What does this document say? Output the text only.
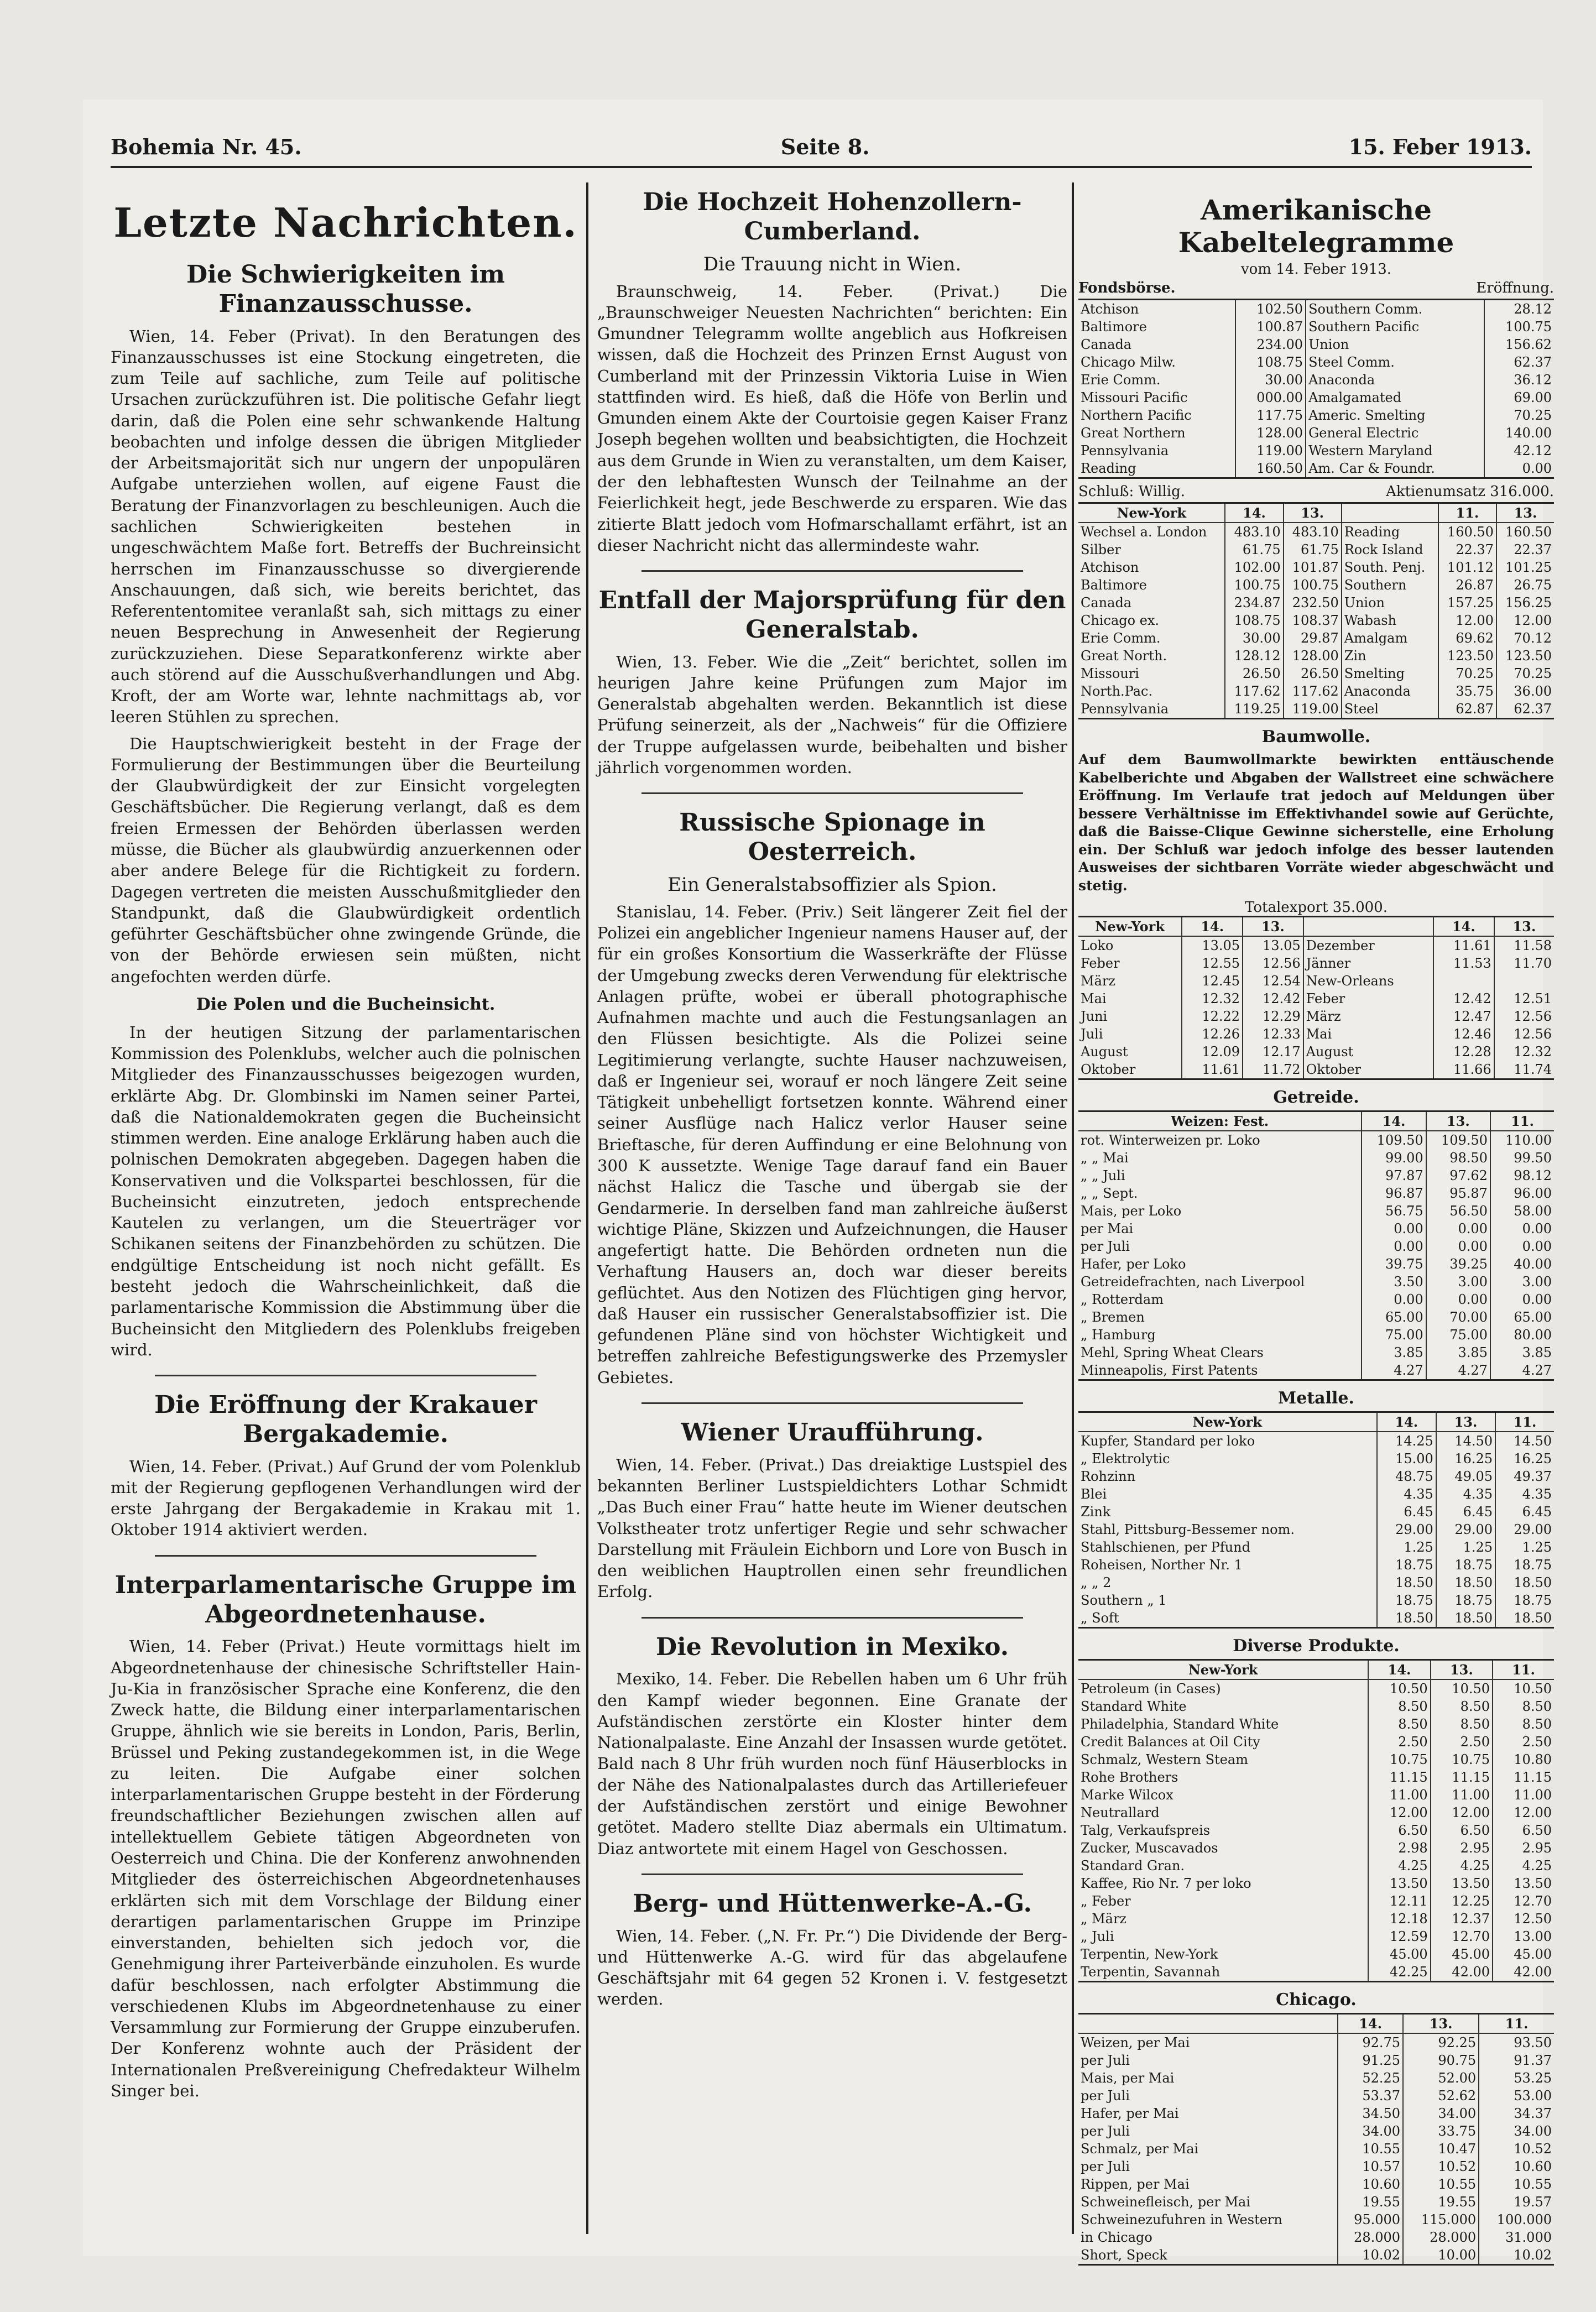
Bohemia Nr. 45.	Seite 8.	15. Feber 1913.
Letzte Nachrichten.
Die Schwierigkeiten im Finanzausschusse.

Wien, 14. Feber (Privat). In den Beratungen des Finanzausschusses ist eine Stockung eingetreten, die zum Teile auf sachliche, zum Teile auf politische Ursachen zurückzuführen ist. Die politische Gefahr liegt darin, daß die Polen eine sehr schwankende Haltung beobachten und infolge dessen die übrigen Mitglieder der Arbeitsmajorität sich nur ungern der unpopulären Aufgabe unterziehen wollen, auf eigene Faust die Beratung der Finanzvorlagen zu beschleunigen. Auch die sachlichen Schwierigkeiten bestehen in ungeschwächtem Maße fort. Betreffs der Buchreinsicht herrschen im Finanzausschusse so divergierende Anschauungen, daß sich, wie bereits berichtet, das Referententomitee veranlaßt sah, sich mittags zu einer neuen Besprechung in Anwesenheit der Regierung zurückzuziehen. Diese Separatkonferenz wirkte aber auch störend auf die Ausschußverhandlungen und Abg. Kroft, der am Worte war, lehnte nachmittags ab, vor leeren Stühlen zu sprechen.

Die Hauptschwierigkeit besteht in der Frage der Formulierung der Bestimmungen über die Beurteilung der Glaubwürdigkeit der zur Einsicht vorgelegten Geschäftsbücher. Die Regierung verlangt, daß es dem freien Ermessen der Behörden überlassen werden müsse, die Bücher als glaubwürdig anzuerkennen oder aber andere Belege für die Richtigkeit zu fordern. Dagegen vertreten die meisten Ausschußmitglieder den Standpunkt, daß die Glaubwürdigkeit ordentlich geführter Geschäftsbücher ohne zwingende Gründe, die von der Behörde erwiesen sein müßten, nicht angefochten werden dürfe.

Die Polen und die Bucheinsicht.

In der heutigen Sitzung der parlamentarischen Kommission des Polenklubs, welcher auch die polnischen Mitglieder des Finanzausschusses beigezogen wurden, erklärte Abg. Dr. Glombinski im Namen seiner Partei, daß die Nationaldemokraten gegen die Bucheinsicht stimmen werden. Eine analoge Erklärung haben auch die polnischen Demokraten abgegeben. Dagegen haben die Konservativen und die Volkspartei beschlossen, für die Bucheinsicht einzutreten, jedoch entsprechende Kautelen zu verlangen, um die Steuerträger vor Schikanen seitens der Finanzbehörden zu schützen. Die endgültige Entscheidung ist noch nicht gefällt. Es besteht jedoch die Wahrscheinlichkeit, daß die parlamentarische Kommission die Abstimmung über die Bucheinsicht den Mitgliedern des Polenklubs freigeben wird.

Die Eröffnung der Krakauer Bergakademie.

Wien, 14. Feber. (Privat.) Auf Grund der vom Polenklub mit der Regierung gepflogenen Verhandlungen wird der erste Jahrgang der Bergakademie in Krakau mit 1. Oktober 1914 aktiviert werden.

Interparlamentarische Gruppe im Abgeordnetenhause.

Wien, 14. Feber (Privat.) Heute vormittags hielt im Abgeordnetenhause der chinesische Schriftsteller Hain-Ju-Kia in französischer Sprache eine Konferenz, die den Zweck hatte, die Bildung einer interparlamentarischen Gruppe, ähnlich wie sie bereits in London, Paris, Berlin, Brüssel und Peking zustandegekommen ist, in die Wege zu leiten. Die Aufgabe einer solchen interparlamentarischen Gruppe besteht in der Förderung freundschaftlicher Beziehungen zwischen allen auf intellektuellem Gebiete tätigen Abgeordneten von Oesterreich und China. Die der Konferenz anwohnenden Mitglieder des österreichischen Abgeordnetenhauses erklärten sich mit dem Vorschlage der Bildung einer derartigen parlamentarischen Gruppe im Prinzipe einverstanden, behielten sich jedoch vor, die Genehmigung ihrer Parteiverbände einzuholen. Es wurde dafür beschlossen, nach erfolgter Abstimmung die verschiedenen Klubs im Abgeordnetenhause zu einer Versammlung zur Formierung der Gruppe einzuberufen. Der Konferenz wohnte auch der Präsident der Internationalen Preßvereinigung Chefredakteur Wilhelm Singer bei.

Die Hochzeit Hohenzollern-Cumberland.
Die Trauung nicht in Wien.

Braunschweig, 14. Feber. (Privat.) Die „Braunschweiger Neuesten Nachrichten“ berichten: Ein Gmundner Telegramm wollte angeblich aus Hofkreisen wissen, daß die Hochzeit des Prinzen Ernst August von Cumberland mit der Prinzessin Viktoria Luise in Wien stattfinden wird. Es hieß, daß die Höfe von Berlin und Gmunden einem Akte der Courtoisie gegen Kaiser Franz Joseph begehen wollten und beabsichtigten, die Hochzeit aus dem Grunde in Wien zu veranstalten, um dem Kaiser, der den lebhaftesten Wunsch der Teilnahme an der Feierlichkeit hegt, jede Beschwerde zu ersparen. Wie das zitierte Blatt jedoch vom Hofmarschallamt erfährt, ist an dieser Nachricht nicht das allermindeste wahr.

Entfall der Majorsprüfung für den Generalstab.

Wien, 13. Feber. Wie die „Zeit“ berichtet, sollen im heurigen Jahre keine Prüfungen zum Major im Generalstab abgehalten werden. Bekanntlich ist diese Prüfung seinerzeit, als der „Nachweis“ für die Offiziere der Truppe aufgelassen wurde, beibehalten und bisher jährlich vorgenommen worden.

Russische Spionage in Oesterreich.
Ein Generalstabsoffizier als Spion.

Stanislau, 14. Feber. (Priv.) Seit längerer Zeit fiel der Polizei ein angeblicher Ingenieur namens Hauser auf, der für ein großes Konsortium die Wasserkräfte der Flüsse der Umgebung zwecks deren Verwendung für elektrische Anlagen prüfte, wobei er überall photographische Aufnahmen machte und auch die Festungsanlagen an den Flüssen besichtigte. Als die Polizei seine Legitimierung verlangte, suchte Hauser nachzuweisen, daß er Ingenieur sei, worauf er noch längere Zeit seine Tätigkeit unbehelligt fortsetzen konnte. Während einer seiner Ausflüge nach Halicz verlor Hauser seine Brieftasche, für deren Auffindung er eine Belohnung von 300 K aussetzte. Wenige Tage darauf fand ein Bauer nächst Halicz die Tasche und übergab sie der Gendarmerie. In derselben fand man zahlreiche äußerst wichtige Pläne, Skizzen und Aufzeichnungen, die Hauser angefertigt hatte. Die Behörden ordneten nun die Verhaftung Hausers an, doch war dieser bereits geflüchtet. Aus den Notizen des Flüchtigen ging hervor, daß Hauser ein russischer Generalstabsoffizier ist. Die gefundenen Pläne sind von höchster Wichtigkeit und betreffen zahlreiche Befestigungswerke des Przemysler Gebietes.

Wiener Uraufführung.

Wien, 14. Feber. (Privat.) Das dreiaktige Lustspiel des bekannten Berliner Lustspieldichters Lothar Schmidt „Das Buch einer Frau“ hatte heute im Wiener deutschen Volkstheater trotz unfertiger Regie und sehr schwacher Darstellung mit Fräulein Eichborn und Lore von Busch in den weiblichen Hauptrollen einen sehr freundlichen Erfolg.

Die Revolution in Mexiko.

Mexiko, 14. Feber. Die Rebellen haben um 6 Uhr früh den Kampf wieder begonnen. Eine Granate der Aufständischen zerstörte ein Kloster hinter dem Nationalpalaste. Eine Anzahl der Insassen wurde getötet. Bald nach 8 Uhr früh wurden noch fünf Häuserblocks in der Nähe des Nationalpalastes durch das Artilleriefeuer der Aufständischen zerstört und einige Bewohner getötet. Madero stellte Diaz abermals ein Ultimatum. Diaz antwortete mit einem Hagel von Geschossen.

Berg- und Hüttenwerke-A.-G.

Wien, 14. Feber. („N. Fr. Pr.“) Die Dividende der Berg- und Hüttenwerke A.-G. wird für das abgelaufene Geschäftsjahr mit 64 gegen 52 Kronen i. V. festgesetzt werden.

Amerikanische Kabeltelegramme
vom 14. Feber 1913.
Fondsbörse.	Eröffnung.
Atchison	102.50	Southern Comm.	28.12
Baltimore	100.87	Southern Pacific	100.75
Canada	234.00	Union	156.62
Chicago Milw.	108.75	Steel Comm.	62.37
Erie Comm.	30.00	Anaconda	36.12
Missouri Pacific	000.00	Amalgamated	69.00
Northern Pacific	117.75	Americ. Smelting	70.25
Great Northern	128.00	General Electric	140.00
Pennsylvania	119.00	Western Maryland	42.12
Reading	160.50	Am. Car & Foundr.	0.00
Schluß: Willig.	Aktienumsatz 316.000.
New-York	14.	13.		11.	13.
Wechsel a. London	483.10	483.10	Reading	160.50	160.50
Silber	61.75	61.75	Rock Island	22.37	22.37
Atchison	102.00	101.87	South. Penj.	101.12	101.25
Baltimore	100.75	100.75	Southern	26.87	26.75
Canada	234.87	232.50	Union	157.25	156.25
Chicago ex.	108.75	108.37	Wabash	12.00	12.00
Erie Comm.	30.00	29.87	Amalgam	69.62	70.12
Great North.	128.12	128.00	Zin	123.50	123.50
Missouri	26.50	26.50	Smelting	70.25	70.25
North.Pac.	117.62	117.62	Anaconda	35.75	36.00
Pennsylvania	119.25	119.00	Steel	62.87	62.37
Baumwolle.
Auf dem Baumwollmarkte bewirkten enttäuschende Kabelberichte und Abgaben der Wallstreet eine schwächere Eröffnung. Im Verlaufe trat jedoch auf Meldungen über bessere Verhältnisse im Effektivhandel sowie auf Gerüchte, daß die Baisse-Clique Gewinne sicherstelle, eine Erholung ein. Der Schluß war jedoch infolge des besser lautenden Ausweises der sichtbaren Vorräte wieder abgeschwächt und stetig.
Totalexport 35.000.
New-York	14.	13.		14.	13.
Loko	13.05	13.05	Dezember	11.61	11.58
Feber	12.55	12.56	Jänner	11.53	11.70
März	12.45	12.54	New-Orleans		
Mai	12.32	12.42	Feber	12.42	12.51
Juni	12.22	12.29	März	12.47	12.56
Juli	12.26	12.33	Mai	12.46	12.56
August	12.09	12.17	August	12.28	12.32
Oktober	11.61	11.72	Oktober	11.66	11.74
Getreide.
Weizen: Fest.	14.	13.	11.
rot. Winterweizen pr. Loko	109.50	109.50	110.00
„ „ Mai	99.00	98.50	99.50
„ „ Juli	97.87	97.62	98.12
„ „ Sept.	96.87	95.87	96.00
Mais, per Loko	56.75	56.50	58.00
per Mai	0.00	0.00	0.00
per Juli	0.00	0.00	0.00
Hafer, per Loko	39.75	39.25	40.00
Getreidefrachten, nach Liverpool	3.50	3.00	3.00
„ Rotterdam	0.00	0.00	0.00
„ Bremen	65.00	70.00	65.00
„ Hamburg	75.00	75.00	80.00
Mehl, Spring Wheat Clears	3.85	3.85	3.85
Minneapolis, First Patents	4.27	4.27	4.27
Metalle.
New-York	14.	13.	11.
Kupfer, Standard per loko	14.25	14.50	14.50
„ Elektrolytic	15.00	16.25	16.25
Rohzinn	48.75	49.05	49.37
Blei	4.35	4.35	4.35
Zink	6.45	6.45	6.45
Stahl, Pittsburg-Bessemer nom.	29.00	29.00	29.00
Stahlschienen, per Pfund	1.25	1.25	1.25
Roheisen, Norther Nr. 1	18.75	18.75	18.75
„ „ 2	18.50	18.50	18.50
Southern „ 1	18.75	18.75	18.75
„ Soft	18.50	18.50	18.50
Diverse Produkte.
New-York	14.	13.	11.
Petroleum (in Cases)	10.50	10.50	10.50
Standard White	8.50	8.50	8.50
Philadelphia, Standard White	8.50	8.50	8.50
Credit Balances at Oil City	2.50	2.50	2.50
Schmalz, Western Steam	10.75	10.75	10.80
Rohe Brothers	11.15	11.15	11.15
Marke Wilcox	11.00	11.00	11.00
Neutrallard	12.00	12.00	12.00
Talg, Verkaufspreis	6.50	6.50	6.50
Zucker, Muscavados	2.98	2.95	2.95
Standard Gran.	4.25	4.25	4.25
Kaffee, Rio Nr. 7 per loko	13.50	13.50	13.50
„ Feber	12.11	12.25	12.70
„ März	12.18	12.37	12.50
„ Juli	12.59	12.70	13.00
Terpentin, New-York	45.00	45.00	45.00
Terpentin, Savannah	42.25	42.00	42.00
Chicago.
	14.	13.	11.
Weizen, per Mai	92.75	92.25	93.50
per Juli	91.25	90.75	91.37
Mais, per Mai	52.25	52.00	53.25
per Juli	53.37	52.62	53.00
Hafer, per Mai	34.50	34.00	34.37
per Juli	34.00	33.75	34.00
Schmalz, per Mai	10.55	10.47	10.52
per Juli	10.57	10.52	10.60
Rippen, per Mai	10.60	10.55	10.55
Schweinefleisch, per Mai	19.55	19.55	19.57
Schweinezufuhren in Western	95.000	115.000	100.000
in Chicago	28.000	28.000	31.000
Short, Speck	10.02	10.00	10.02
